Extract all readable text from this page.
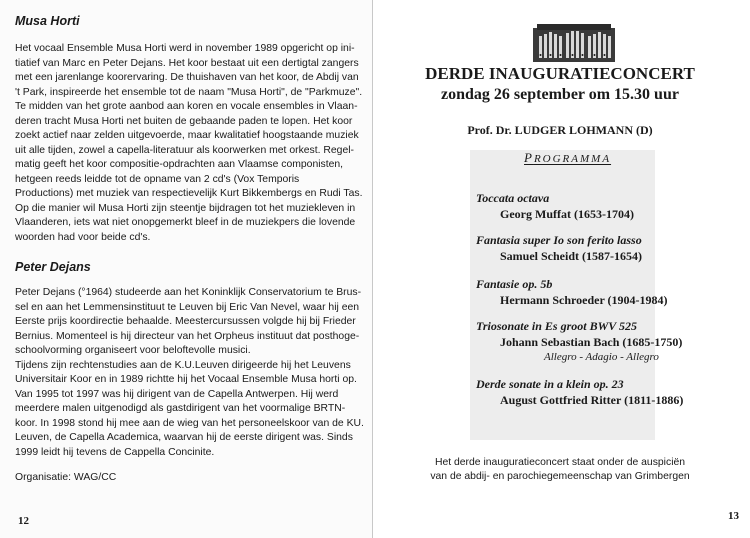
Musa Horti
Het vocaal Ensemble Musa Horti werd in november 1989 opgericht op ini-
tiatief van Marc en Peter Dejans. Het koor bestaat uit een dertigtal zangers
met een jarenlange koorervaring. De thuishaven van het koor, de Abdij van
't Park, inspireerde het ensemble tot de naam "Musa Horti", de "Parkmuze".
Te midden van het grote aanbod aan koren en vocale ensembles in Vlaan-
deren tracht Musa Horti net buiten de gebaande paden te lopen. Het koor
zoekt actief naar zelden uitgevoerde, maar kwalitatief hoogstaande muziek
uit alle tijden, zowel a capella-literatuur als koorwerken met orkest. Regel-
matig geeft het koor compositie-opdrachten aan Vlaamse componisten,
hetgeen reeds leidde tot de opname van 2 cd's (Vox Temporis
Productions) met muziek van respectievelijk Kurt Bikkembergs en Rudi Tas.
Op die manier wil Musa Horti zijn steentje bijdragen tot het muziekleven in
Vlaanderen, iets wat niet onopgemerkt bleef in de muziekpers die lovende
woorden had voor beide cd's.
Peter Dejans
Peter Dejans (°1964) studeerde aan het Koninklijk Conservatorium te Brus-
sel en aan het Lemmensinstituut te Leuven bij Eric Van Nevel, waar hij een
Eerste prijs koordirectie behaalde. Meestercursussen volgde hij bij Frieder
Bernius. Momenteel is hij directeur van het Orpheus instituut dat posthoge-
schoolvorming organiseert voor beloftevolle musici.
Tijdens zijn rechtenstudies aan de K.U.Leuven dirigeerde hij het Leuvens
Universitair Koor en in 1989 richtte hij het Vocaal Ensemble Musa horti op.
Van 1995 tot 1997 was hij dirigent van de Capella Antwerpen. Hij werd
meerdere malen uitgenodigd als gastdirigent van het voormalige BRTN-
koor. In 1998 stond hij mee aan de wieg van het personeelskoor van de KU.
Leuven, de Capella Academica, waarvan hij de eerste dirigent was. Sinds
1999 leidt hij tevens de Cappella Concinite.
Organisatie: WAG/CC
12
DERDE INAUGURATIECONCERT
zondag 26 september om 15.30 uur
Prof. Dr. LUDGER LOHMANN (D)
PROGRAMMA
Toccata octava
Georg Muffat (1653-1704)
Fantasia super Io son ferito lasso
Samuel Scheidt (1587-1654)
Fantasie op. 5b
Hermann Schroeder (1904-1984)
Triosonate in Es groot BWV 525
Johann Sebastian Bach (1685-1750)
Allegro - Adagio - Allegro
Derde sonate in a klein op. 23
August Gottfried Ritter (1811-1886)
Het derde inauguratieconcert staat onder de auspiciën
van de abdij- en parochiegemeenschap van Grimbergen
13
